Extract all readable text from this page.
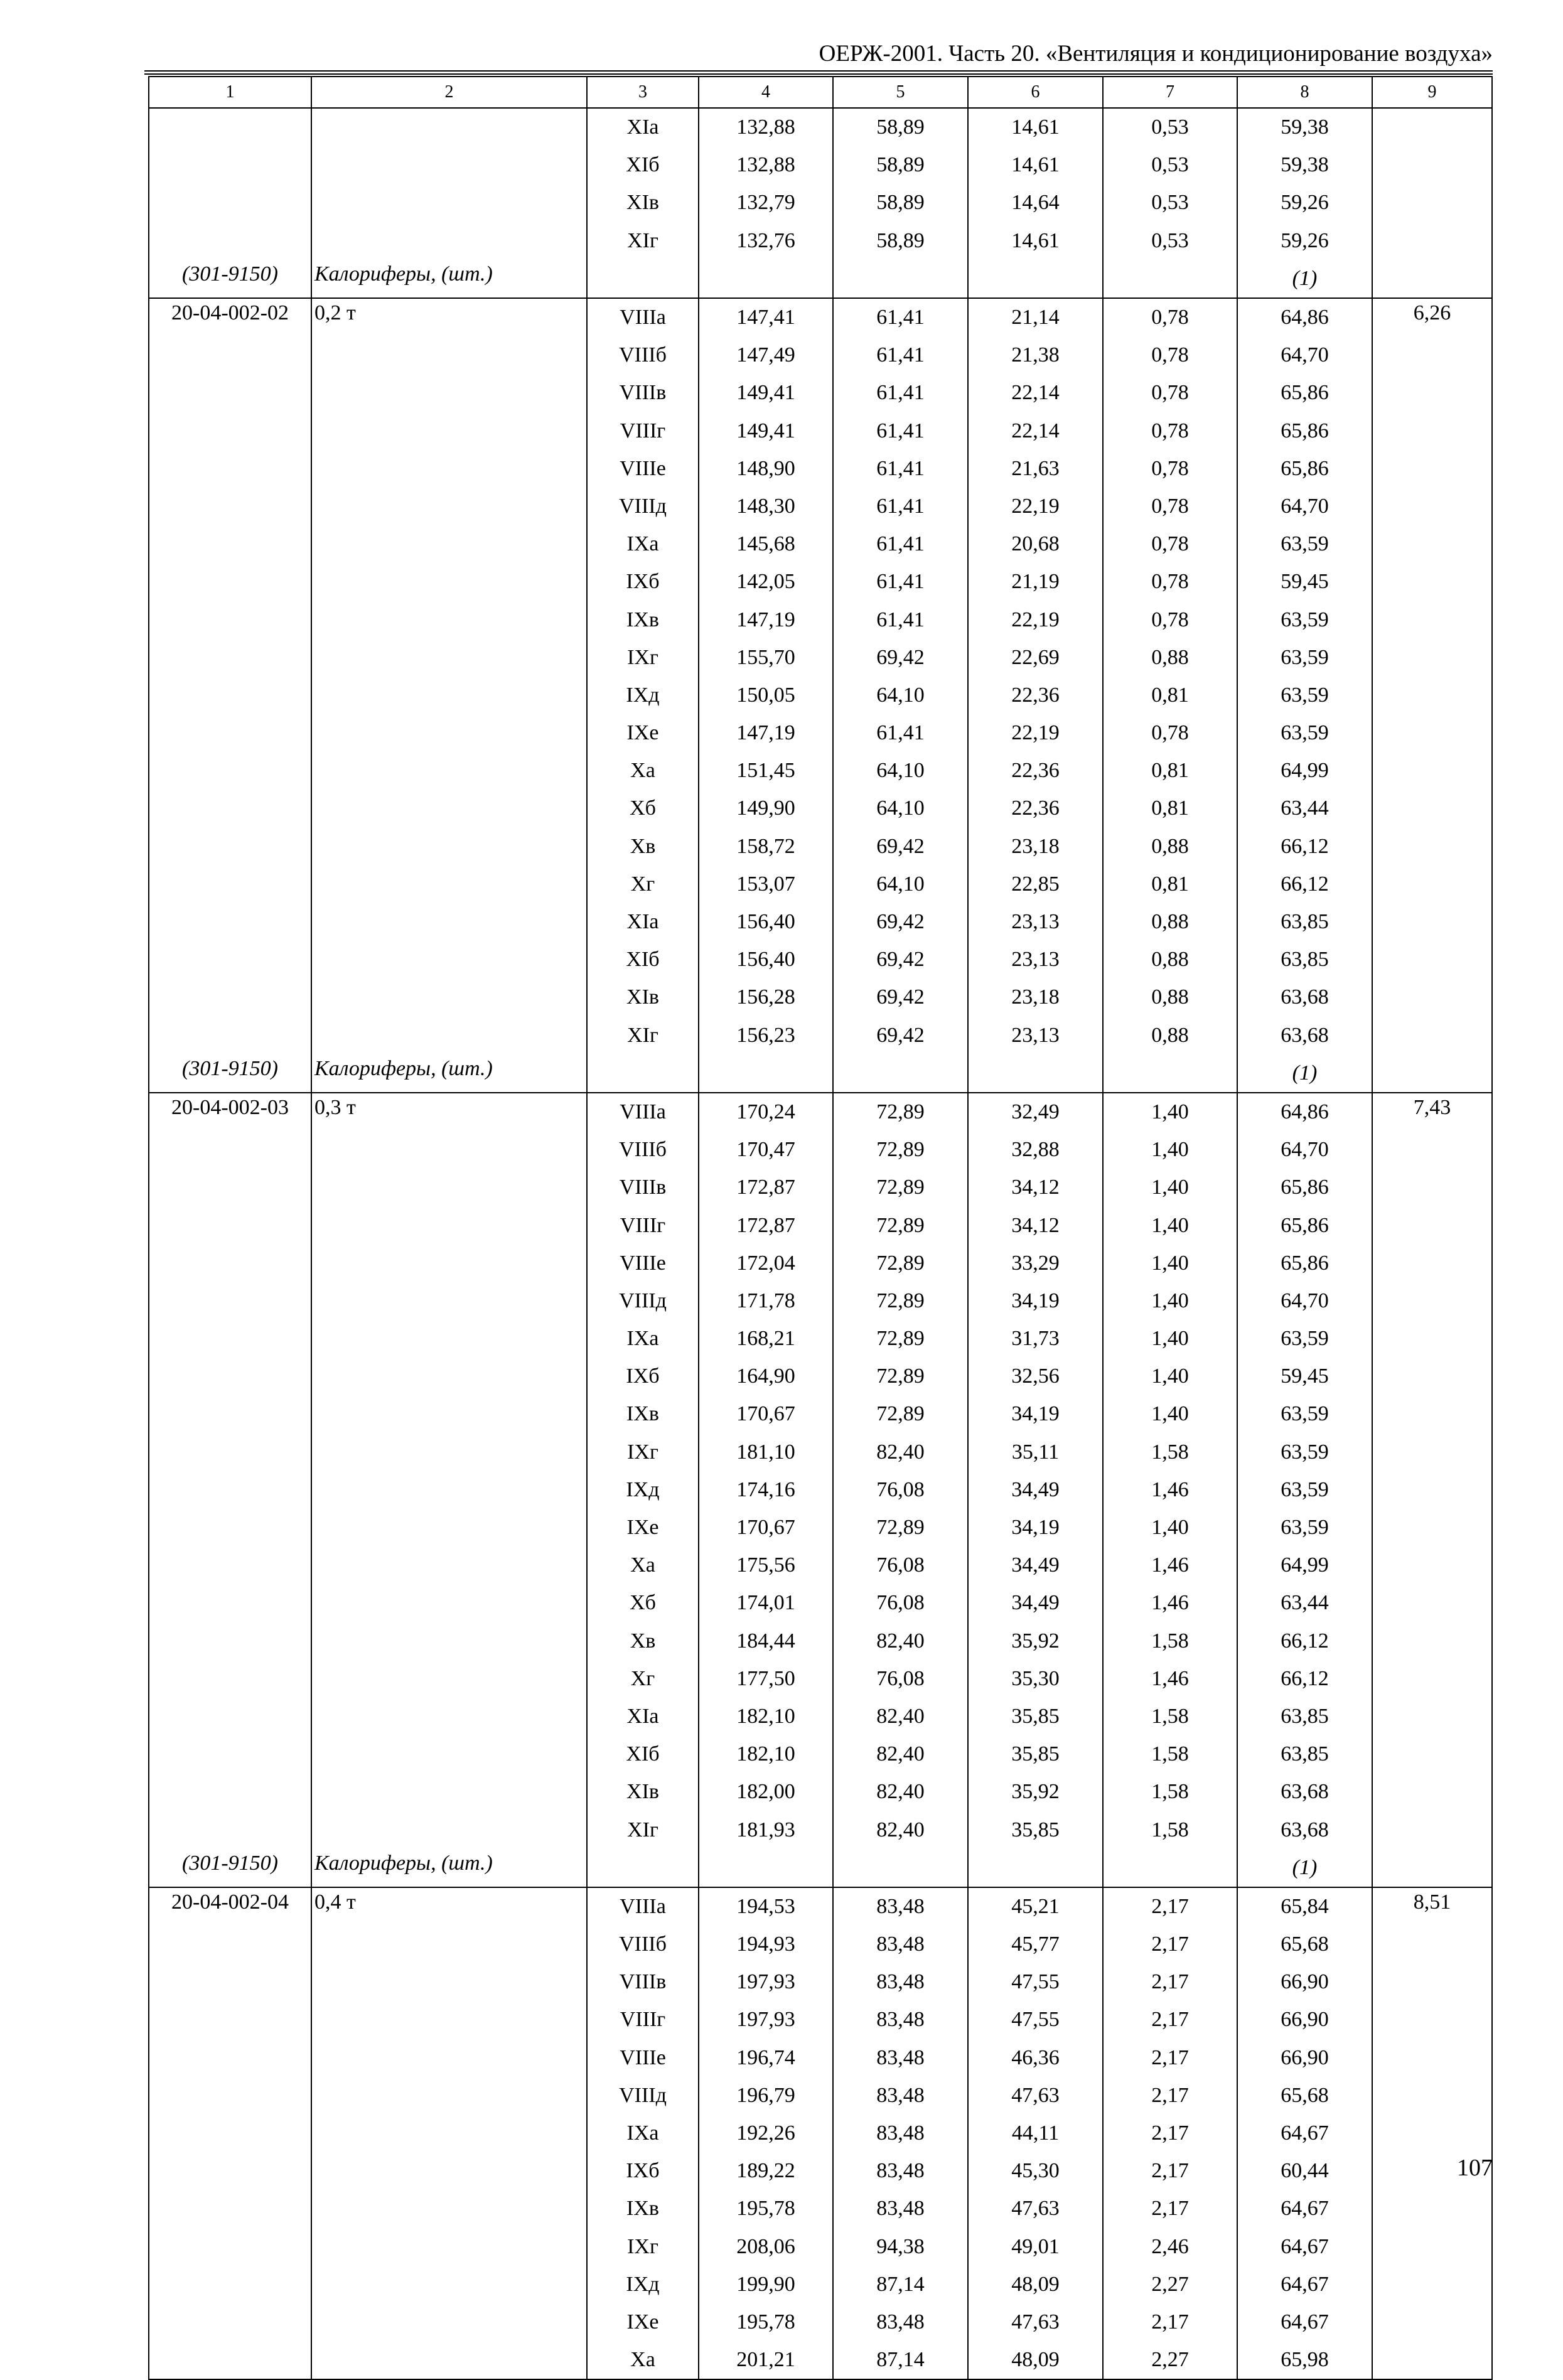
ОЕРЖ-2001. Часть 20. «Вентиляция и кондиционирование воздуха»
1	2	3	4	5	6	7	8	9
		XIa	132,88	58,89	14,61	0,53	59,38	
		XIб	132,88	58,89	14,61	0,53	59,38	
		XIв	132,79	58,89	14,64	0,53	59,26	
		XIг	132,76	58,89	14,61	0,53	59,26	
(301-9150)	Калориферы, (шт.)						(1)	
20-04-002-02	0,2 т	VIIIa	147,41	61,41	21,14	0,78	64,86	6,26
		VIIIб	147,49	61,41	21,38	0,78	64,70	
		VIIIв	149,41	61,41	22,14	0,78	65,86	
		VIIIг	149,41	61,41	22,14	0,78	65,86	
		VIIIe	148,90	61,41	21,63	0,78	65,86	
		VIIIд	148,30	61,41	22,19	0,78	64,70	
		IXa	145,68	61,41	20,68	0,78	63,59	
		IXб	142,05	61,41	21,19	0,78	59,45	
		IXв	147,19	61,41	22,19	0,78	63,59	
		IXг	155,70	69,42	22,69	0,88	63,59	
		IXд	150,05	64,10	22,36	0,81	63,59	
		IXe	147,19	61,41	22,19	0,78	63,59	
		Xa	151,45	64,10	22,36	0,81	64,99	
		Xб	149,90	64,10	22,36	0,81	63,44	
		Xв	158,72	69,42	23,18	0,88	66,12	
		Xг	153,07	64,10	22,85	0,81	66,12	
		XIa	156,40	69,42	23,13	0,88	63,85	
		XIб	156,40	69,42	23,13	0,88	63,85	
		XIв	156,28	69,42	23,18	0,88	63,68	
		XIг	156,23	69,42	23,13	0,88	63,68	
(301-9150)	Калориферы, (шт.)						(1)	
20-04-002-03	0,3 т	VIIIa	170,24	72,89	32,49	1,40	64,86	7,43
		VIIIб	170,47	72,89	32,88	1,40	64,70	
		VIIIв	172,87	72,89	34,12	1,40	65,86	
		VIIIг	172,87	72,89	34,12	1,40	65,86	
		VIIIe	172,04	72,89	33,29	1,40	65,86	
		VIIIд	171,78	72,89	34,19	1,40	64,70	
		IXa	168,21	72,89	31,73	1,40	63,59	
		IXб	164,90	72,89	32,56	1,40	59,45	
		IXв	170,67	72,89	34,19	1,40	63,59	
		IXг	181,10	82,40	35,11	1,58	63,59	
		IXд	174,16	76,08	34,49	1,46	63,59	
		IXe	170,67	72,89	34,19	1,40	63,59	
		Xa	175,56	76,08	34,49	1,46	64,99	
		Xб	174,01	76,08	34,49	1,46	63,44	
		Xв	184,44	82,40	35,92	1,58	66,12	
		Xг	177,50	76,08	35,30	1,46	66,12	
		XIa	182,10	82,40	35,85	1,58	63,85	
		XIб	182,10	82,40	35,85	1,58	63,85	
		XIв	182,00	82,40	35,92	1,58	63,68	
		XIг	181,93	82,40	35,85	1,58	63,68	
(301-9150)	Калориферы, (шт.)						(1)	
20-04-002-04	0,4 т	VIIIa	194,53	83,48	45,21	2,17	65,84	8,51
		VIIIб	194,93	83,48	45,77	2,17	65,68	
		VIIIв	197,93	83,48	47,55	2,17	66,90	
		VIIIг	197,93	83,48	47,55	2,17	66,90	
		VIIIe	196,74	83,48	46,36	2,17	66,90	
		VIIIд	196,79	83,48	47,63	2,17	65,68	
		IXa	192,26	83,48	44,11	2,17	64,67	
		IXб	189,22	83,48	45,30	2,17	60,44	
		IXв	195,78	83,48	47,63	2,17	64,67	
		IXг	208,06	94,38	49,01	2,46	64,67	
		IXд	199,90	87,14	48,09	2,27	64,67	
		IXe	195,78	83,48	47,63	2,17	64,67	
		Xa	201,21	87,14	48,09	2,27	65,98	
107
